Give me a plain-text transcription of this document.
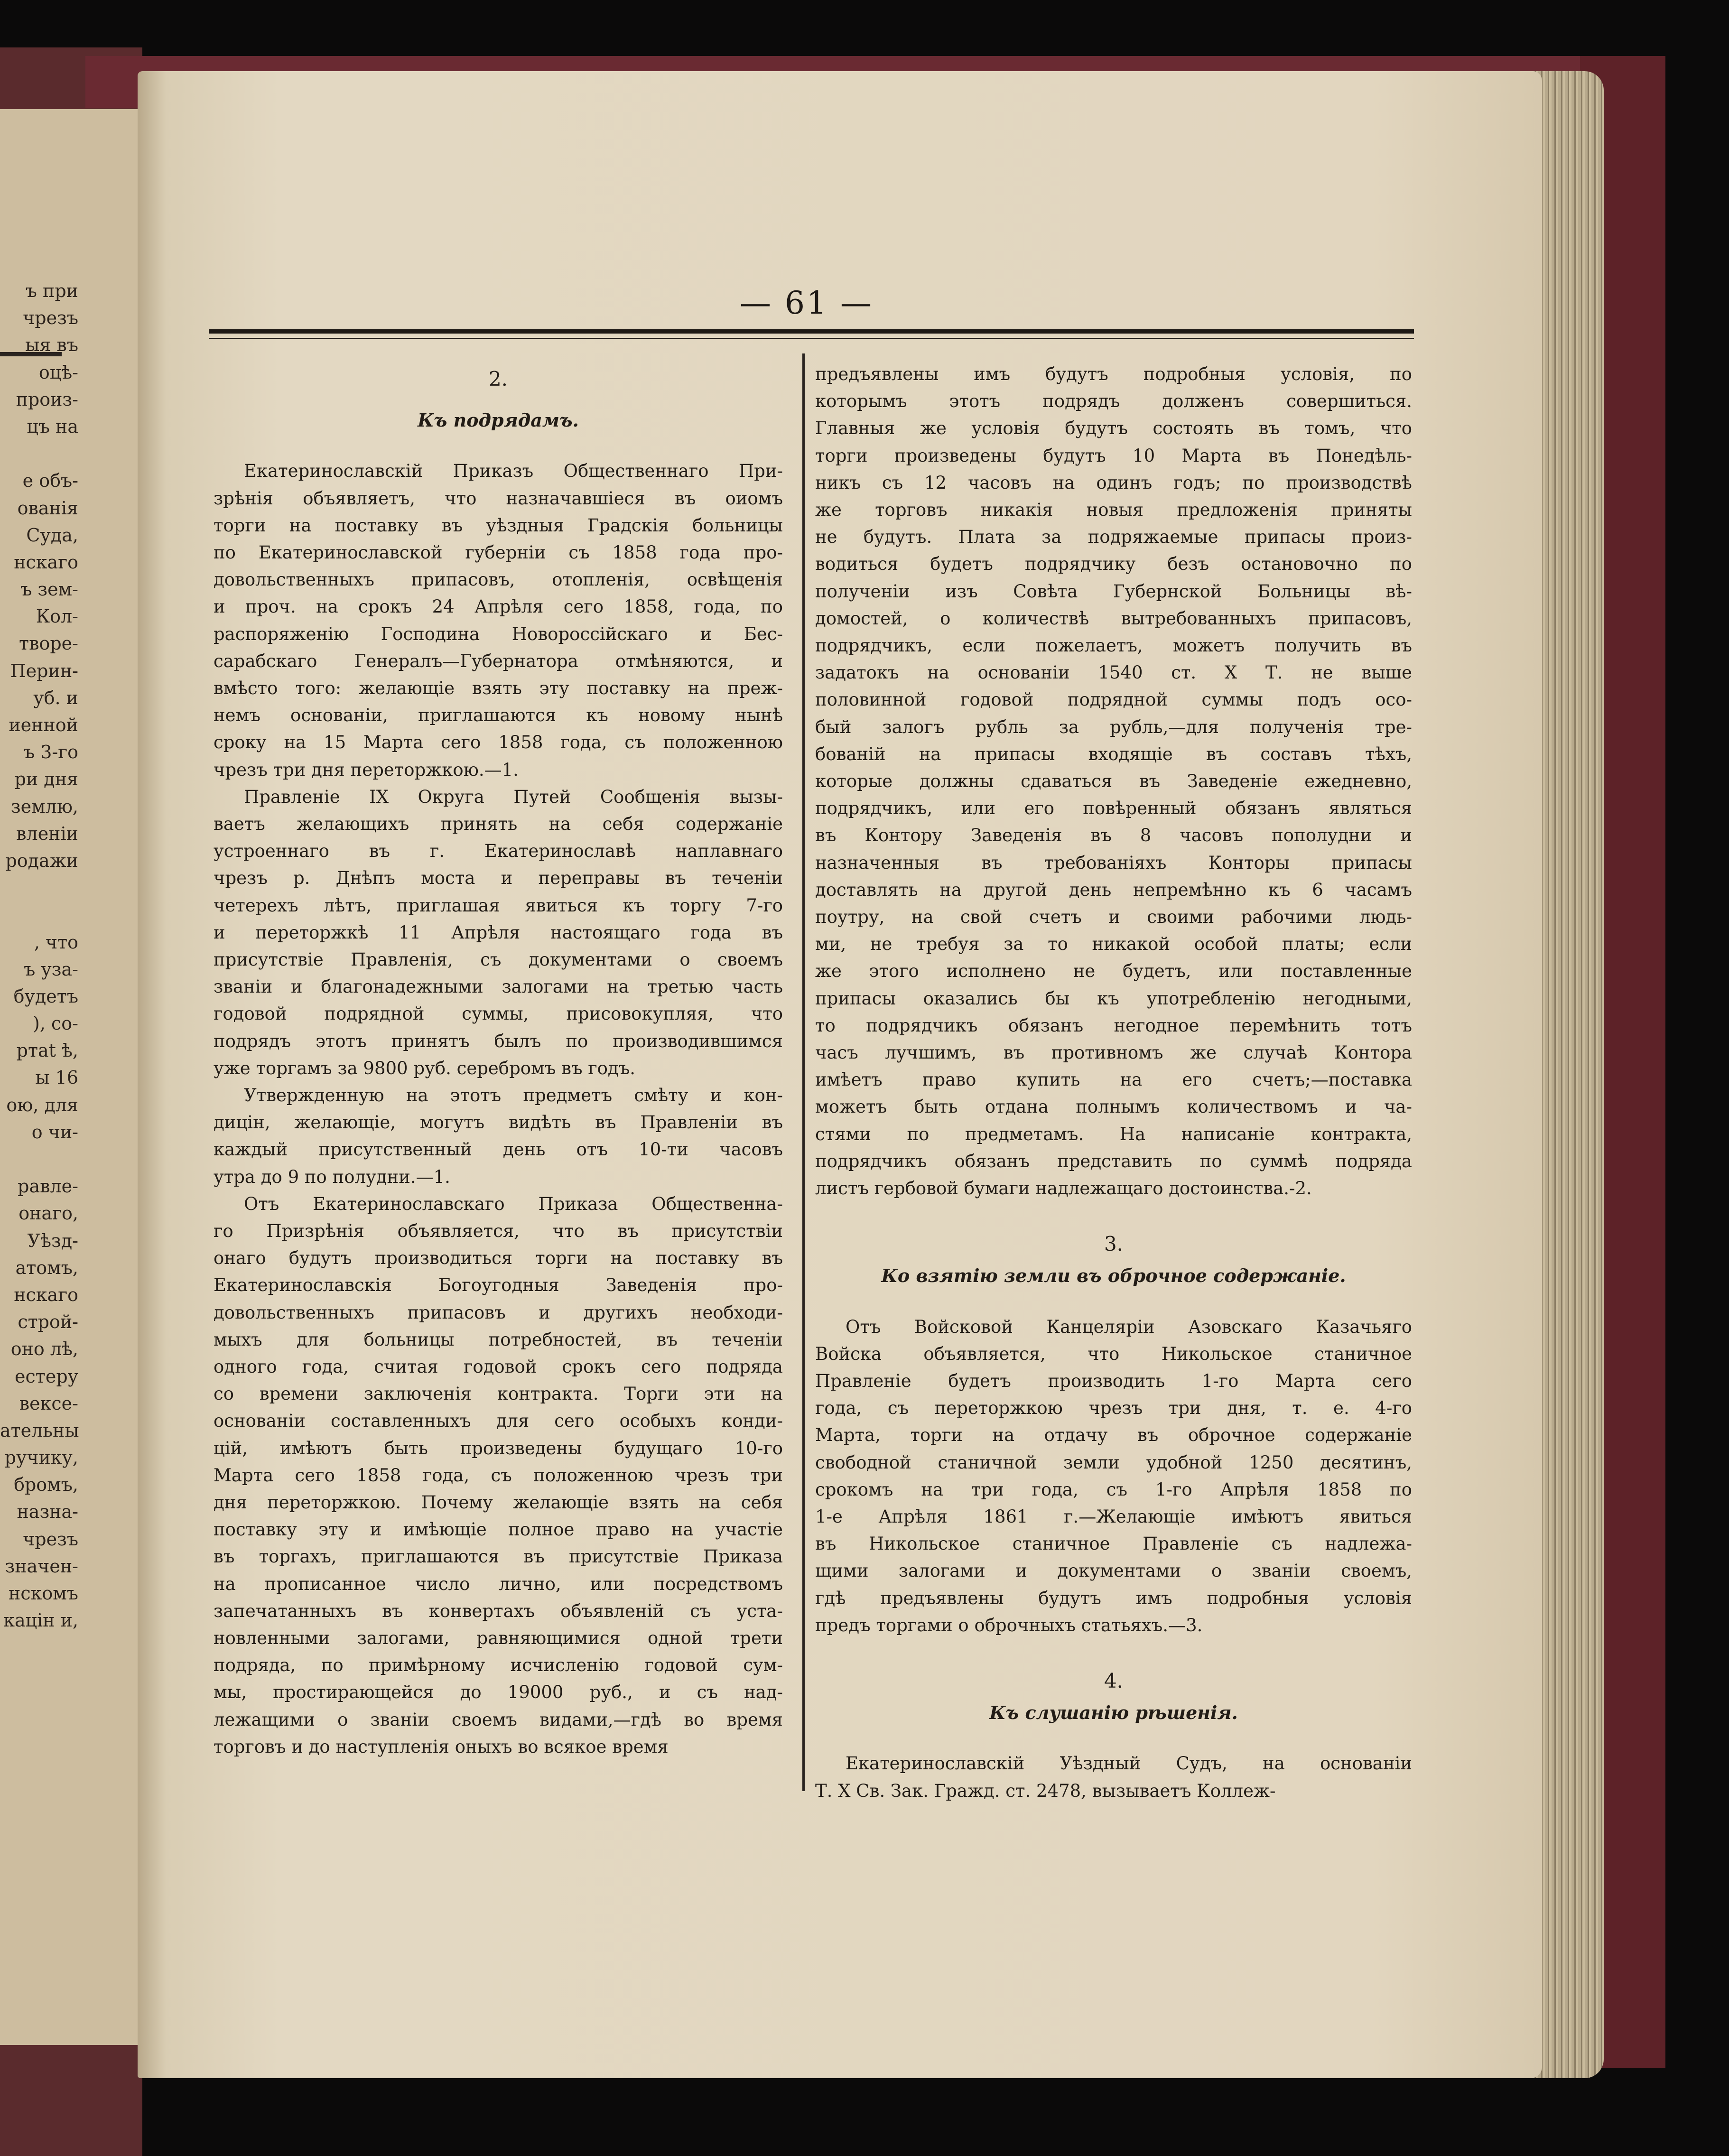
ъ при
чрезъ
ыя въ
оцѣ-
произ-
цъ на
е объ-
ованія
Суда,
нскаго
ъ зем-
Кол-
творе-
Перин-
уб. и
иенной
ъ 3-го
ри дня
землю,
вленіи
родажи
, что
ъ уза-
будетъ
), со-
ртаt ѣ,
ы 16
ою, для
о чи-
равле-
онаго,
Уѣзд-
атомъ,
нскаго
строй-
оно лѣ,
естеру
вексе-
ательны
ручику,
бромъ,
назна-
чрезъ
значен-
нскомъ
кацін и,
— 61 —
2.
Къ подрядамъ.
Екатеринославскій Приказъ Общественнаго При-
зрѣнія объявляетъ, что назначавшіеся въ оиомъ
торги на поставку въ уѣздныя Градскія больницы
по Екатеринославской губерніи съ 1858 года про-
довольственныхъ припасовъ, отопленія, освѣщенія
и проч. на срокъ 24 Апрѣля сего 1858, года, по
распоряженію Господина Новороссійскаго и Бес-
сарабскаго Генералъ—Губернатора отмѣняются, и
вмѣсто того: желающіе взять эту поставку на преж-
немъ основаніи, приглашаются къ новому нынѣ
сроку на 15 Марта сего 1858 года, съ положенною
чрезъ три дня переторжкою.—1.
Правленіе IX Округа Путей Сообщенія вызы-
ваетъ желающихъ принять на себя содержаніе
устроеннаго въ г. Екатеринославѣ наплавнаго
чрезъ р. Днѣпъ моста и переправы въ теченіи
четерехъ лѣтъ, приглашая явиться къ торгу 7-го
и переторжкѣ 11 Апрѣля настоящаго года въ
присутствіе Правленія, съ документами о своемъ
званіи и благонадежными залогами на третью часть
годовой подрядной суммы, присовокупляя, что
подрядъ этотъ принятъ былъ по производившимся
уже торгамъ за 9800 руб. серебромъ въ годъ.
Утвержденную на этотъ предметъ смѣту и кон-
дицін, желающіе, могутъ видѣть въ Правленіи въ
каждый присутственный день отъ 10-ти часовъ
утра до 9 по полудни.—1.
Отъ Екатеринославскаго Приказа Общественна-
го Призрѣнія объявляется, что въ присутствіи
онаго будутъ производиться торги на поставку въ
Екатеринославскія Богоугодныя Заведенія про-
довольственныхъ припасовъ и другихъ необходи-
мыхъ для больницы потребностей, въ теченіи
одного года, считая годовой срокъ сего подряда
со времени заключенія контракта. Торги эти на
основаніи составленныхъ для сего особыхъ конди-
цій, имѣютъ быть произведены будущаго 10-го
Марта сего 1858 года, съ положенною чрезъ три
дня переторжкою. Почему желающіе взять на себя
поставку эту и имѣющіе полное право на участіе
въ торгахъ, приглашаются въ присутствіе Приказа
на прописанное число лично, или посредствомъ
запечатанныхъ въ конвертахъ объявленій съ уста-
новленными залогами, равняющимися одной трети
подряда, по примѣрному исчисленію годовой сум-
мы, простирающейся до 19000 руб., и съ над-
лежащими о званіи своемъ видами,—гдѣ во время
торговъ и до наступленія оныхъ во всякое время
предъявлены имъ будутъ подробныя условія, по
которымъ этотъ подрядъ долженъ совершиться.
Главныя же условія будутъ состоять въ томъ, что
торги произведены будутъ 10 Марта въ Понедѣль-
никъ съ 12 часовъ на одинъ годъ; по производствѣ
же торговъ никакія новыя предложенія приняты
не будутъ. Плата за подряжаемые припасы произ-
водиться будетъ подрядчику безъ остановочно по
полученіи изъ Совѣта Губернской Больницы вѣ-
домостей, о количествѣ вытребованныхъ припасовъ,
подрядчикъ, если пожелаетъ, можетъ получить въ
задатокъ на основаніи 1540 ст. X Т. не выше
половинной годовой подрядной суммы подъ осо-
бый залогъ рубль за рубль,—для полученія тре-
бованій на припасы входящіе въ составъ тѣхъ,
которые должны сдаваться въ Заведеніе ежедневно,
подрядчикъ, или его повѣренный обязанъ являться
въ Контору Заведенія въ 8 часовъ пополудни и
назначенныя въ требованіяхъ Конторы припасы
доставлять на другой день непремѣнно къ 6 часамъ
поутру, на свой счетъ и своими рабочими людь-
ми, не требуя за то никакой особой платы; если
же этого исполнено не будетъ, или поставленные
припасы оказались бы къ употребленію негодными,
то подрядчикъ обязанъ негодное перемѣнить тотъ
часъ лучшимъ, въ противномъ же случаѣ Контора
имѣетъ право купить на его счетъ;—поставка
можетъ быть отдана полнымъ количествомъ и ча-
стями по предметамъ. На написаніе контракта,
подрядчикъ обязанъ представить по суммѣ подряда
листъ гербовой бумаги надлежащаго достоинства.-2.
3.
Ко взятію земли въ оброчное содержаніе.
Отъ Войсковой Канцеляріи Азовскаго Казачьяго
Войска объявляется, что Никольское станичное
Правленіе будетъ производить 1-го Марта сего
года, съ переторжкою чрезъ три дня, т. е. 4-го
Марта, торги на отдачу въ оброчное содержаніе
свободной станичной земли удобной 1250 десятинъ,
срокомъ на три года, съ 1-го Апрѣля 1858 по
1-е Апрѣля 1861 г.—Желающіе имѣютъ явиться
въ Никольское станичное Правленіе съ надлежа-
щими залогами и документами о званіи своемъ,
гдѣ предъявлены будутъ имъ подробныя условія
предъ торгами о оброчныхъ статьяхъ.—3.
4.
Къ слушанію рѣшенія.
Екатеринославскій Уѣздный Судъ, на основаніи
Т. X Св. Зак. Гражд. ст. 2478, вызываетъ Коллеж-
